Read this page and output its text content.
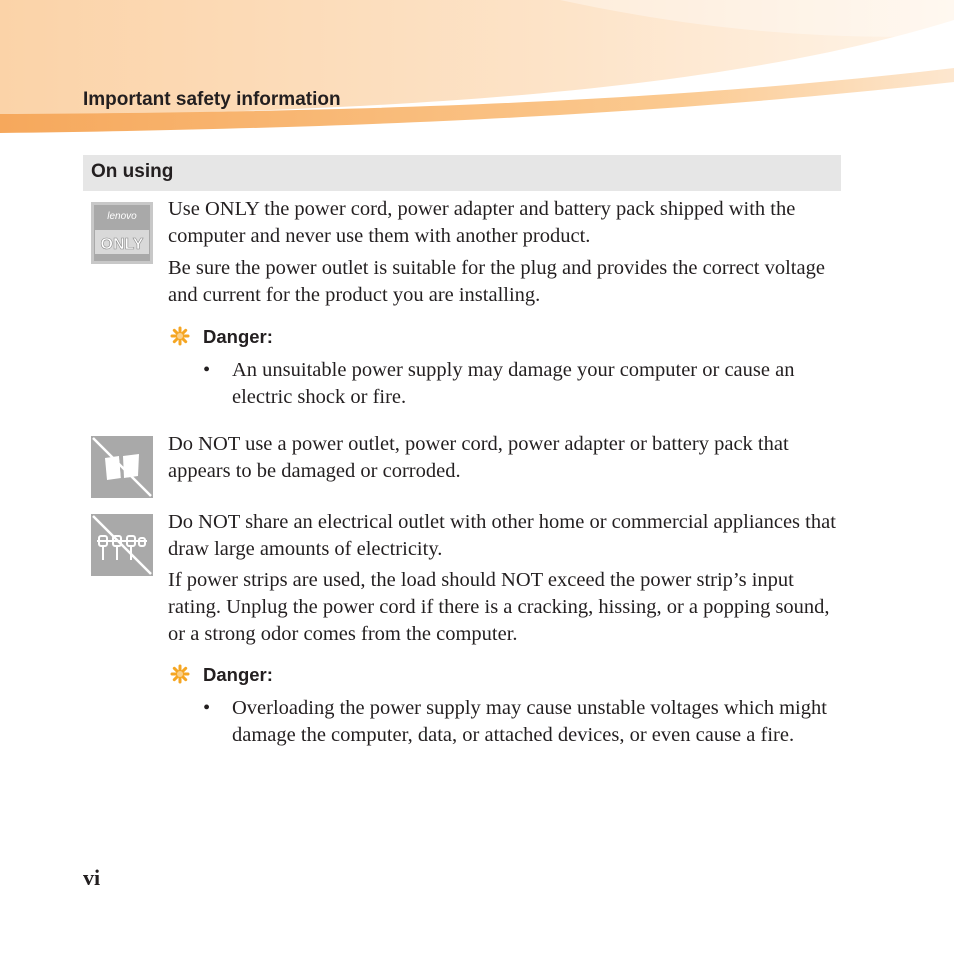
Important safety information
On using
lenovo
ONLY

Use ONLY the power cord, power adapter and battery pack shipped with the computer and never use them with another product.

Be sure the power outlet is suitable for the plug and provides the correct voltage and current for the product you are installing.

Danger:
• An unsuitable power supply may damage your computer or cause an electric shock or fire.

Do NOT use a power outlet, power cord, power adapter or battery pack that appears to be damaged or corroded.

Do NOT share an electrical outlet with other home or commercial appliances that draw large amounts of electricity.

If power strips are used, the load should NOT exceed the power strip’s input rating. Unplug the power cord if there is a cracking, hissing, or a popping sound, or a strong odor comes from the computer.

Danger:
• Overloading the power supply may cause unstable voltages which might damage the computer, data, or attached devices, or even cause a fire.

vi
